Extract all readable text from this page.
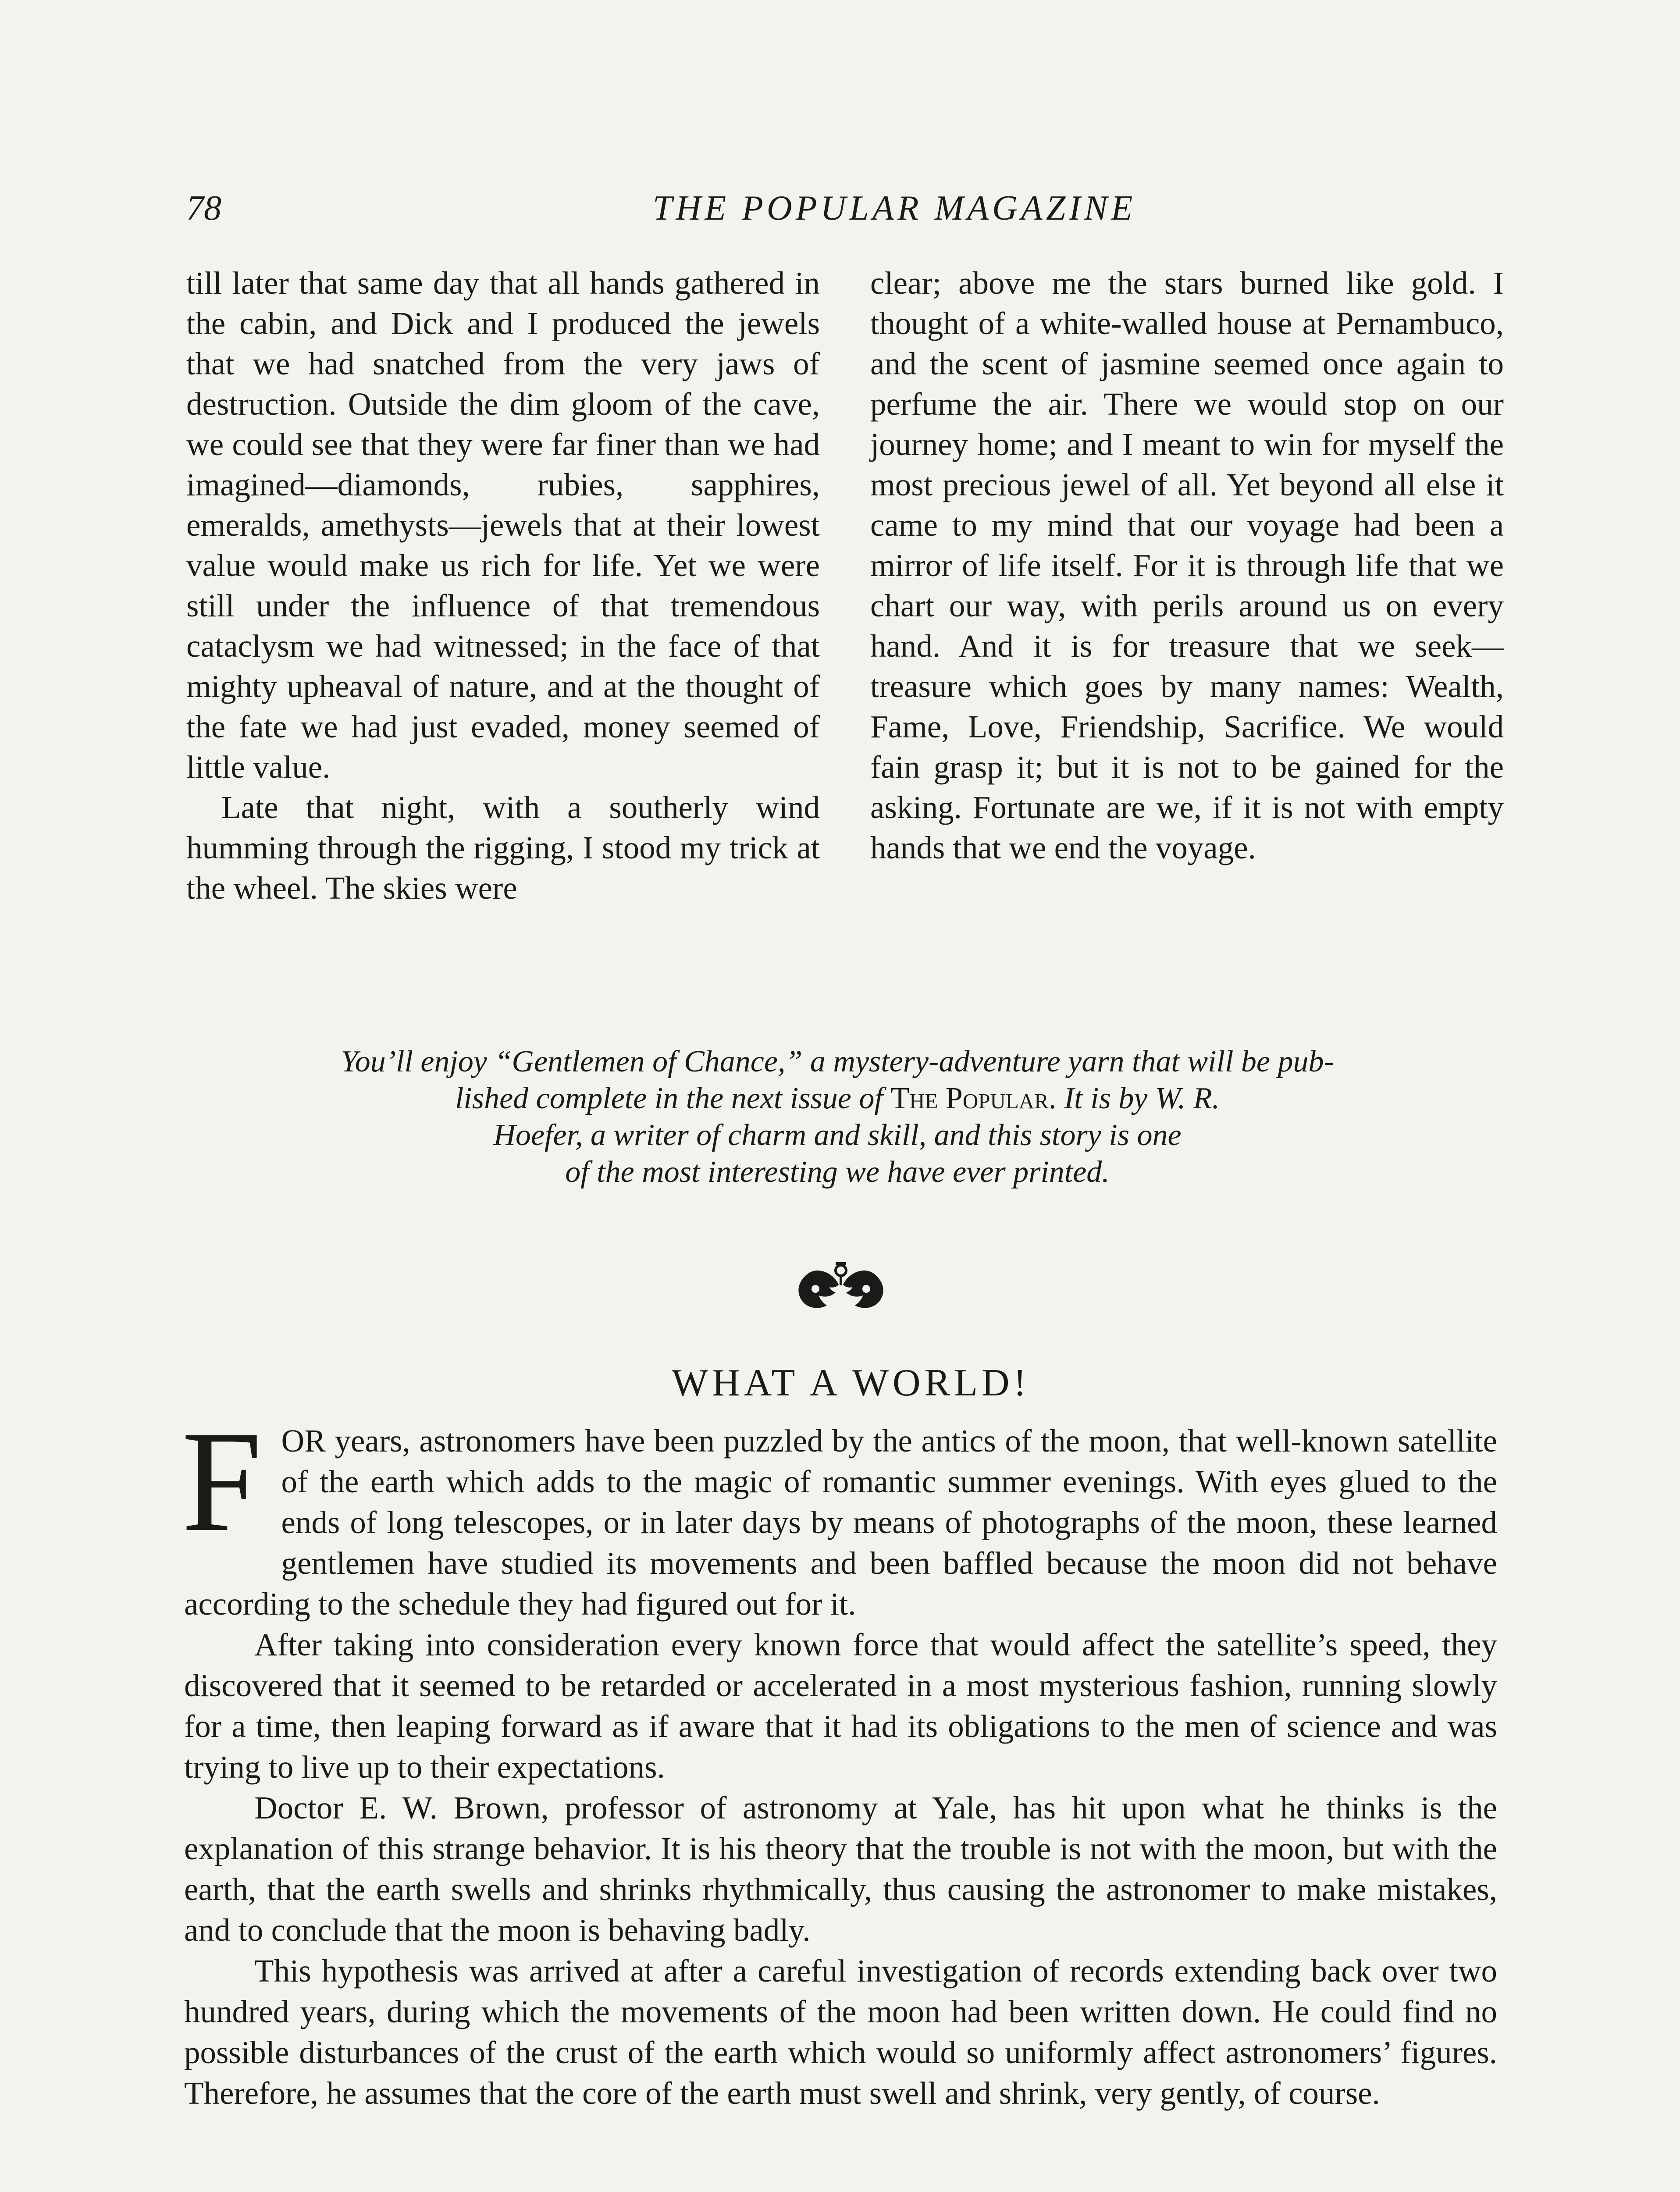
78	THE POPULAR MAGAZINE

till later that same day that all hands gathered in the cabin, and Dick and I produced the jewels that we had snatched from the very jaws of destruction. Outside the dim gloom of the cave, we could see that they were far finer than we had imagined—diamonds, rubies, sapphires, emeralds, amethysts—jewels that at their lowest value would make us rich for life. Yet we were still under the influence of that tremendous cataclysm we had witnessed; in the face of that mighty upheaval of nature, and at the thought of the fate we had just evaded, money seemed of little value.

Late that night, with a southerly wind humming through the rigging, I stood my trick at the wheel. The skies were

clear; above me the stars burned like gold. I thought of a white-walled house at Pernambuco, and the scent of jasmine seemed once again to perfume the air. There we would stop on our journey home; and I meant to win for myself the most precious jewel of all. Yet beyond all else it came to my mind that our voyage had been a mirror of life itself. For it is through life that we chart our way, with perils around us on every hand. And it is for treasure that we seek—treasure which goes by many names: Wealth, Fame, Love, Friendship, Sacrifice. We would fain grasp it; but it is not to be gained for the asking. Fortunate are we, if it is not with empty hands that we end the voyage.

You’ll enjoy “Gentlemen of Chance,” a mystery-adventure yarn that will be pub-
lished complete in the next issue of The Popular. It is by W. R.
Hoefer, a writer of charm and skill, and this story is one
of the most interesting we have ever printed.
WHAT A WORLD!
F OR years, astronomers have been puzzled by the antics of the moon, that well-known satellite of the earth which adds to the magic of romantic summer evenings. With eyes glued to the ends of long telescopes, or in later days by means of photographs of the moon, these learned gentlemen have studied its movements and been baffled because the moon did not behave according to the schedule they had figured out for it.

After taking into consideration every known force that would affect the satellite’s speed, they discovered that it seemed to be retarded or accelerated in a most mysterious fashion, running slowly for a time, then leaping forward as if aware that it had its obligations to the men of science and was trying to live up to their expectations.

Doctor E. W. Brown, professor of astronomy at Yale, has hit upon what he thinks is the explanation of this strange behavior. It is his theory that the trouble is not with the moon, but with the earth, that the earth swells and shrinks rhythmically, thus causing the astronomer to make mistakes, and to conclude that the moon is behaving badly.

This hypothesis was arrived at after a careful investigation of records extending back over two hundred years, during which the movements of the moon had been written down. He could find no possible disturbances of the crust of the earth which would so uniformly affect astronomers’ figures. Therefore, he assumes that the core of the earth must swell and shrink, very gently, of course.
